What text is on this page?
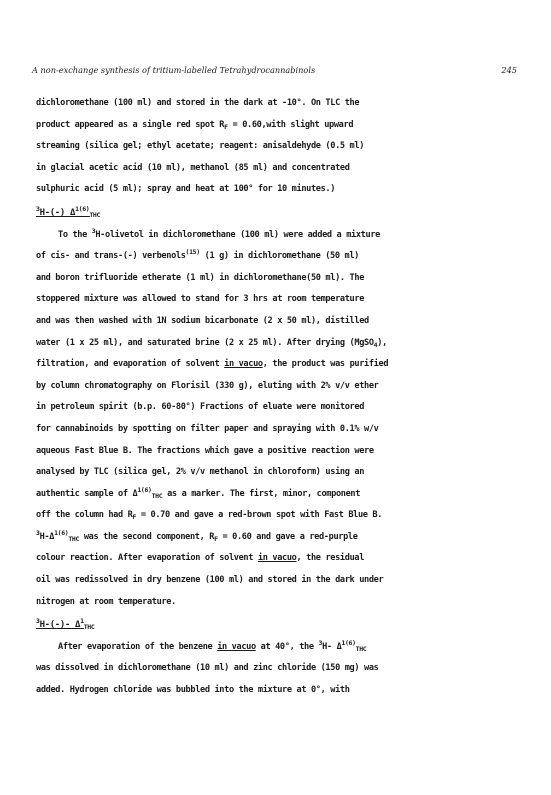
A non-exchange synthesis of tritium-labelled Tetrahydrocannabinols	245
dichloromethane (100 ml) and stored in the dark at -10°. On TLC the
product appeared as a single red spot $R_F$ = 0.60,with slight upward
streaming (silica gel; ethyl acetate; reagent: anisaldehyde (0.5 ml)
in glacial acetic acid (10 ml), methanol (85 ml) and concentrated
sulphuric acid (5 ml); spray and heat at 100° for 10 minutes.)
$^3$H-(-) $\Delta^{1(6)}_{THC}$
To the $^3$H-olivetol in dichloromethane (100 ml) were added a mixture
of cis- and trans-(-) verbenols$^{(15)}$ (1 g) in dichloromethane (50 ml)
and boron trifluoride etherate (1 ml) in dichloromethane(50 ml). The
stoppered mixture was allowed to stand for 3 hrs at room temperature
and was then washed with 1N sodium bicarbonate (2 x 50 ml), distilled
water (1 x 25 ml), and saturated brine (2 x 25 ml). After drying (MgSO$_4$),
filtration, and evaporation of solvent in vacuo, the product was purified
by column chromatography on Florisil (330 g), eluting with 2% v/v ether
in petroleum spirit (b.p. 60-80°) Fractions of eluate were monitored
for cannabinoids by spotting on filter paper and spraying with 0.1% w/v
aqueous Fast Blue B. The fractions which gave a positive reaction were
analysed by TLC (silica gel, 2% v/v methanol in chloroform) using an
authentic sample of $\Delta^{1(6)}_{THC}$ as a marker. The first, minor, component
off the column had $R_F = 0.70$ and gave a red-brown spot with Fast Blue B.
$^3H-\Delta^{1(6)}_{THC}$ was the second component, $R_F = 0.60$ and gave a red-purple
colour reaction. After evaporation of solvent in vacuo, the residual
oil was redissolved in dry benzene (100 ml) and stored in the dark under
nitrogen at room temperature.
$^3$H-(-)- $\Delta^1_{THC}$
After evaporation of the benzene in vacuo at 40°, the $^3$H- $\Delta^{1(6)}_{THC}$
was dissolved in dichloromethane (10 ml) and zinc chloride (150 mg) was
added. Hydrogen chloride was bubbled into the mixture at 0°, with
